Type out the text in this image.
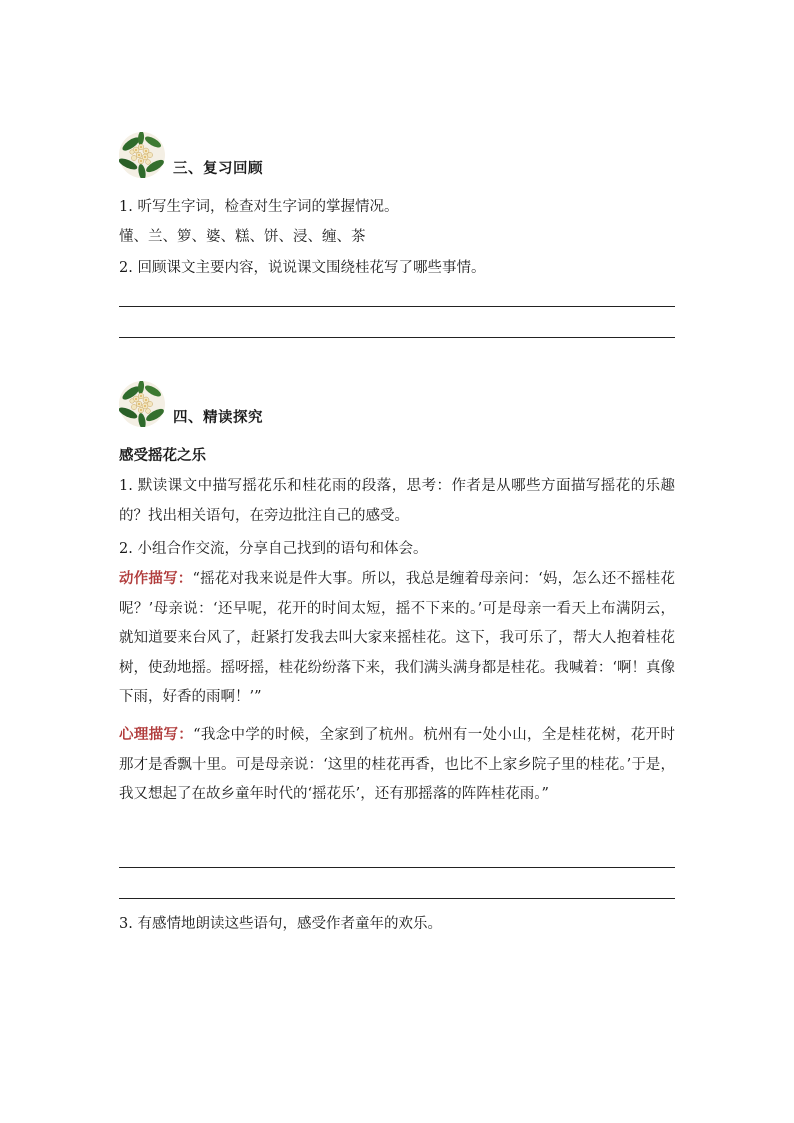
三、复习回顾
1. 听写生字词，检查对生字词的掌握情况。
懂、兰、箩、婆、糕、饼、浸、缠、茶
2. 回顾课文主要内容，说说课文围绕桂花写了哪些事情。
四、精读探究
感受摇花之乐
1. 默读课文中描写摇花乐和桂花雨的段落，思考：作者是从哪些方面描写摇花的乐趣的？找出相关语句，在旁边批注自己的感受。
2. 小组合作交流，分享自己找到的语句和体会。
动作描写：“摇花对我来说是件大事。所以，我总是缠着母亲问：‘妈，怎么还不摇桂花呢？’母亲说：‘还早呢，花开的时间太短，摇不下来的。’可是母亲一看天上布满阴云，就知道要来台风了，赶紧打发我去叫大家来摇桂花。这下，我可乐了，帮大人抱着桂花树，使劲地摇。摇呀摇，桂花纷纷落下来，我们满头满身都是桂花。我喊着：‘啊！真像下雨，好香的雨啊！’”
心理描写：“我念中学的时候，全家到了杭州。杭州有一处小山，全是桂花树，花开时那才是香飘十里。可是母亲说：‘这里的桂花再香，也比不上家乡院子里的桂花。’于是，我又想起了在故乡童年时代的‘摇花乐’，还有那摇落的阵阵桂花雨。”
3. 有感情地朗读这些语句，感受作者童年的欢乐。
